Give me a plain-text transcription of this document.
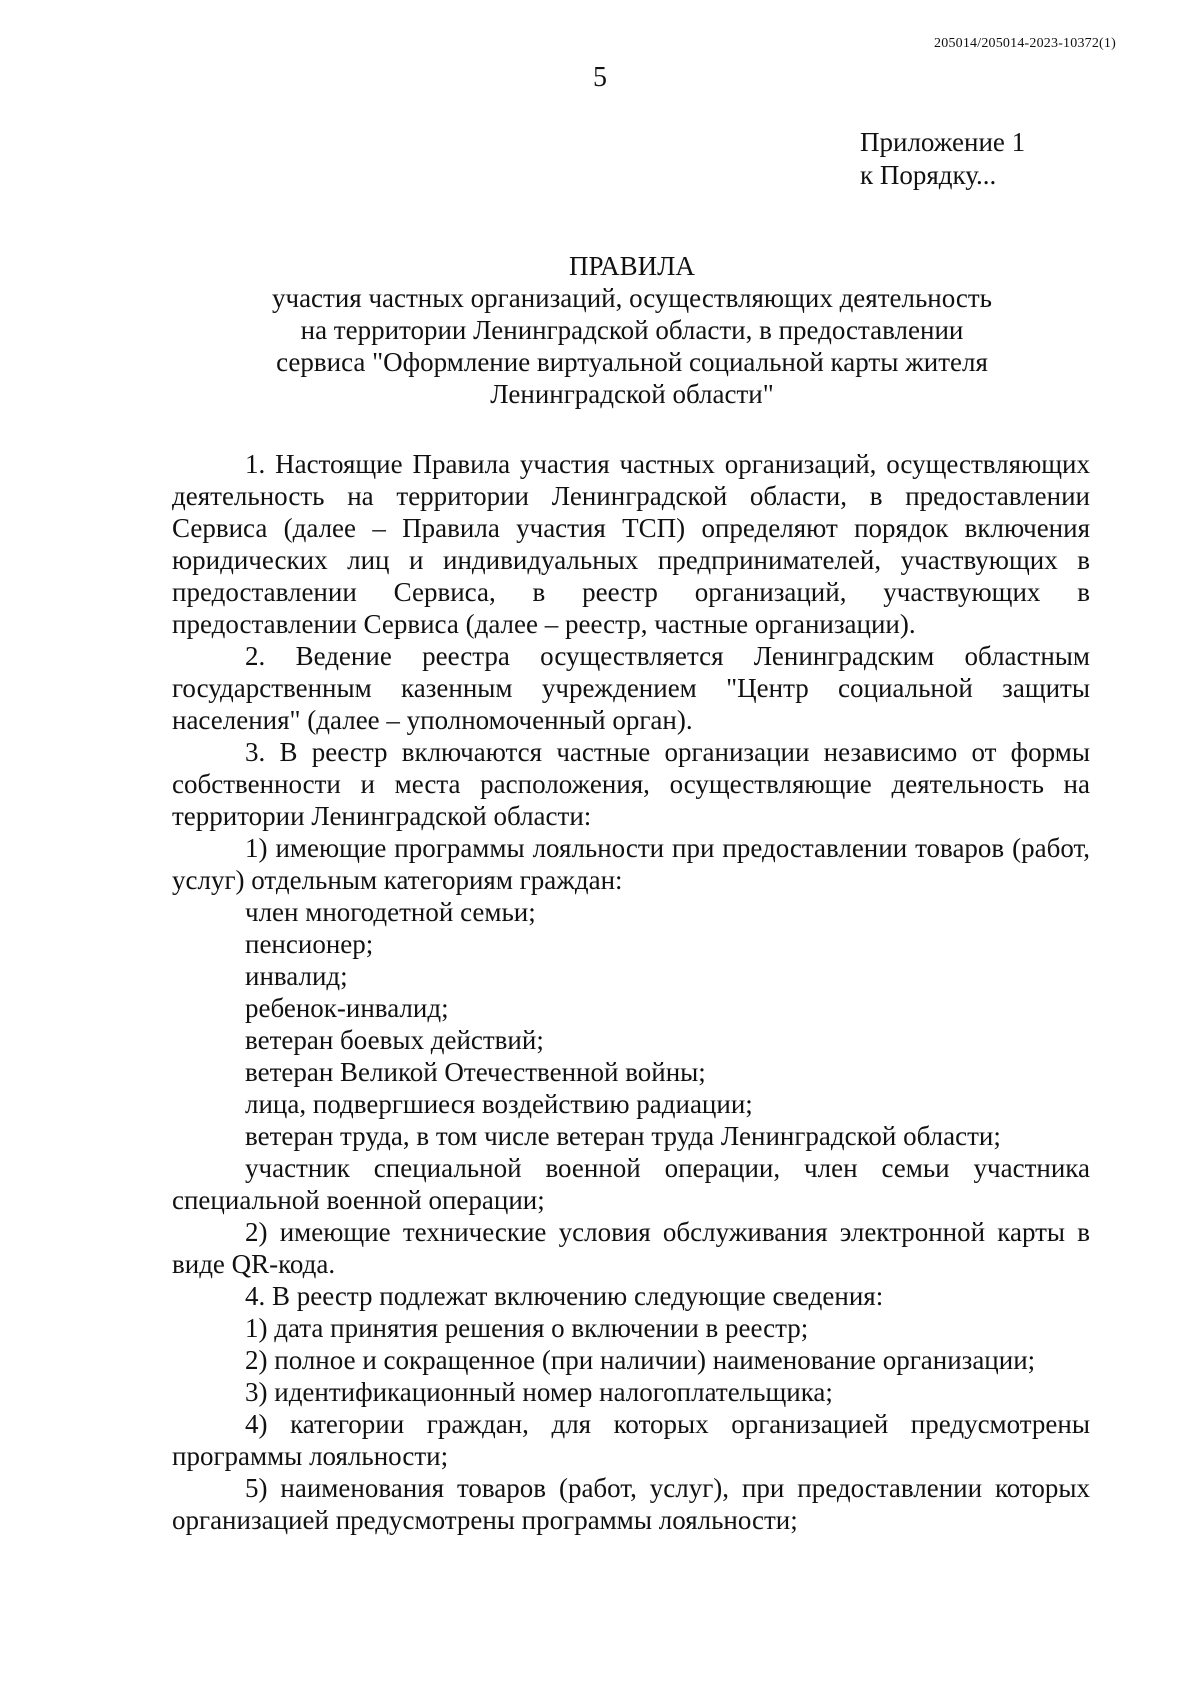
205014/205014-2023-10372(1)
5
Приложение 1
к Порядку...
ПРАВИЛА
участия частных организаций, осуществляющих деятельность
на территории Ленинградской области, в предоставлении
сервиса "Оформление виртуальной социальной карты жителя
Ленинградской области"

1. Настоящие Правила участия частных организаций, осуществляющих деятельность на территории Ленинградской области, в предоставлении Сервиса (далее – Правила участия ТСП) определяют порядок включения юридических лиц и индивидуальных предпринимателей, участвующих в предоставлении Сервиса, в реестр организаций, участвующих в предоставлении Сервиса (далее – реестр, частные организации).

2. Ведение реестра осуществляется Ленинградским областным государственным казенным учреждением "Центр социальной защиты населения" (далее – уполномоченный орган).

3. В реестр включаются частные организации независимо от формы собственности и места расположения, осуществляющие деятельность на территории Ленинградской области:

1) имеющие программы лояльности при предоставлении товаров (работ, услуг) отдельным категориям граждан:

член многодетной семьи;

пенсионер;

инвалид;

ребенок-инвалид;

ветеран боевых действий;

ветеран Великой Отечественной войны;

лица, подвергшиеся воздействию радиации;

ветеран труда, в том числе ветеран труда Ленинградской области;

участник специальной военной операции, член семьи участника специальной военной операции;

2) имеющие технические условия обслуживания электронной карты в виде QR-кода.

4. В реестр подлежат включению следующие сведения:

1) дата принятия решения о включении в реестр;

2) полное и сокращенное (при наличии) наименование организации;

3) идентификационный номер налогоплательщика;

4) категории граждан, для которых организацией предусмотрены программы лояльности;

5) наименования товаров (работ, услуг), при предоставлении которых организацией предусмотрены программы лояльности;
